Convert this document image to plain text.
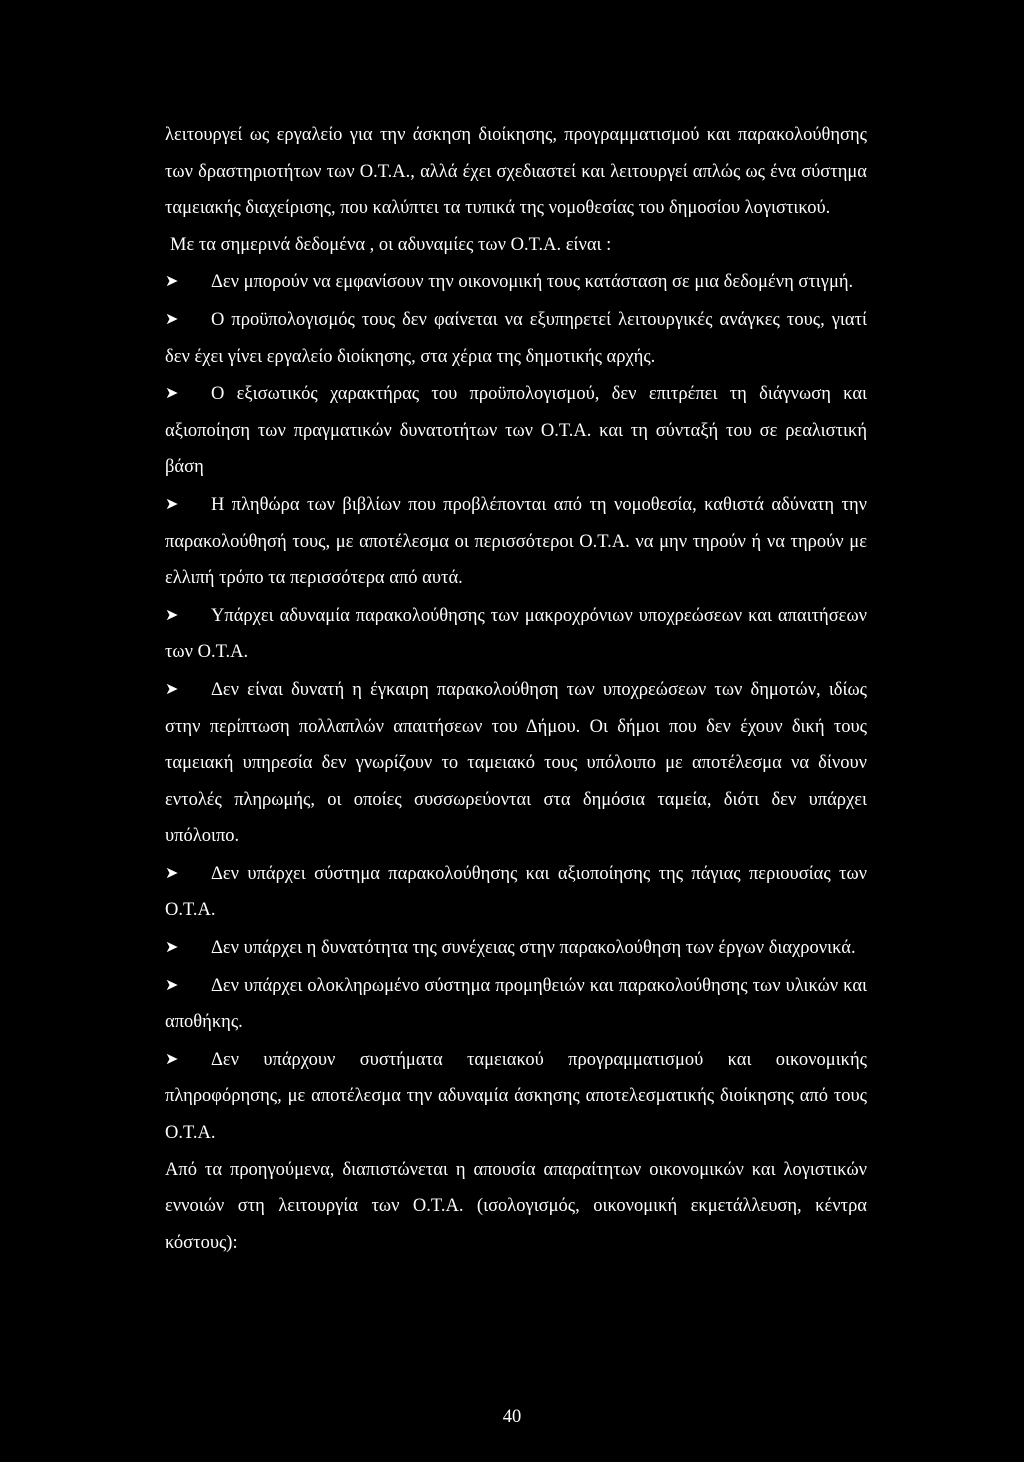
λειτουργεί ως εργαλείο για την άσκηση διοίκησης, προγραμματισμού και παρακολούθησης των δραστηριοτήτων των Ο.Τ.Α., αλλά έχει σχεδιαστεί και λειτουργεί απλώς ως ένα σύστημα ταμειακής διαχείρισης, που καλύπτει τα τυπικά της νομοθεσίας του δημοσίου λογιστικού.

Με τα σημερινά δεδομένα , οι αδυναμίες των Ο.Τ.Α. είναι :

➤ Δεν μπορούν να εμφανίσουν την οικονομική τους κατάσταση σε μια δεδομένη στιγμή.

➤ Ο προϋπολογισμός τους δεν φαίνεται να εξυπηρετεί λειτουργικές ανάγκες τους, γιατί δεν έχει γίνει εργαλείο διοίκησης, στα χέρια της δημοτικής αρχής.

➤ Ο εξισωτικός χαρακτήρας του προϋπολογισμού, δεν επιτρέπει τη διάγνωση και αξιοποίηση των πραγματικών δυνατοτήτων των Ο.Τ.Α. και τη σύνταξή του σε ρεαλιστική βάση

➤ Η πληθώρα των βιβλίων που προβλέπονται από τη νομοθεσία, καθιστά αδύνατη την παρακολούθησή τους, με αποτέλεσμα οι περισσότεροι Ο.Τ.Α. να μην τηρούν ή να τηρούν με ελλιπή τρόπο τα περισσότερα από αυτά.

➤ Υπάρχει αδυναμία παρακολούθησης των μακροχρόνιων υποχρεώσεων και απαιτήσεων των Ο.Τ.Α.

➤ Δεν είναι δυνατή η έγκαιρη παρακολούθηση των υποχρεώσεων των δημοτών, ιδίως στην περίπτωση πολλαπλών απαιτήσεων του Δήμου. Οι δήμοι που δεν έχουν δική τους ταμειακή υπηρεσία δεν γνωρίζουν το ταμειακό τους υπόλοιπο με αποτέλεσμα να δίνουν εντολές πληρωμής, οι οποίες συσσωρεύονται στα δημόσια ταμεία, διότι δεν υπάρχει υπόλοιπο.

➤ Δεν υπάρχει σύστημα παρακολούθησης και αξιοποίησης της πάγιας περιουσίας των Ο.Τ.Α.

➤ Δεν υπάρχει η δυνατότητα της συνέχειας στην παρακολούθηση των έργων διαχρονικά.

➤ Δεν υπάρχει ολοκληρωμένο σύστημα προμηθειών και παρακολούθησης των υλικών και αποθήκης.

➤ Δεν υπάρχουν συστήματα ταμειακού προγραμματισμού και οικονομικής πληροφόρησης, με αποτέλεσμα την αδυναμία άσκησης αποτελεσματικής διοίκησης από τους Ο.Τ.Α.

Από τα προηγούμενα, διαπιστώνεται η απουσία απαραίτητων οικονομικών και λογιστικών εννοιών στη λειτουργία των Ο.Τ.Α. (ισολογισμός, οικονομική εκμετάλλευση, κέντρα κόστους):

40
